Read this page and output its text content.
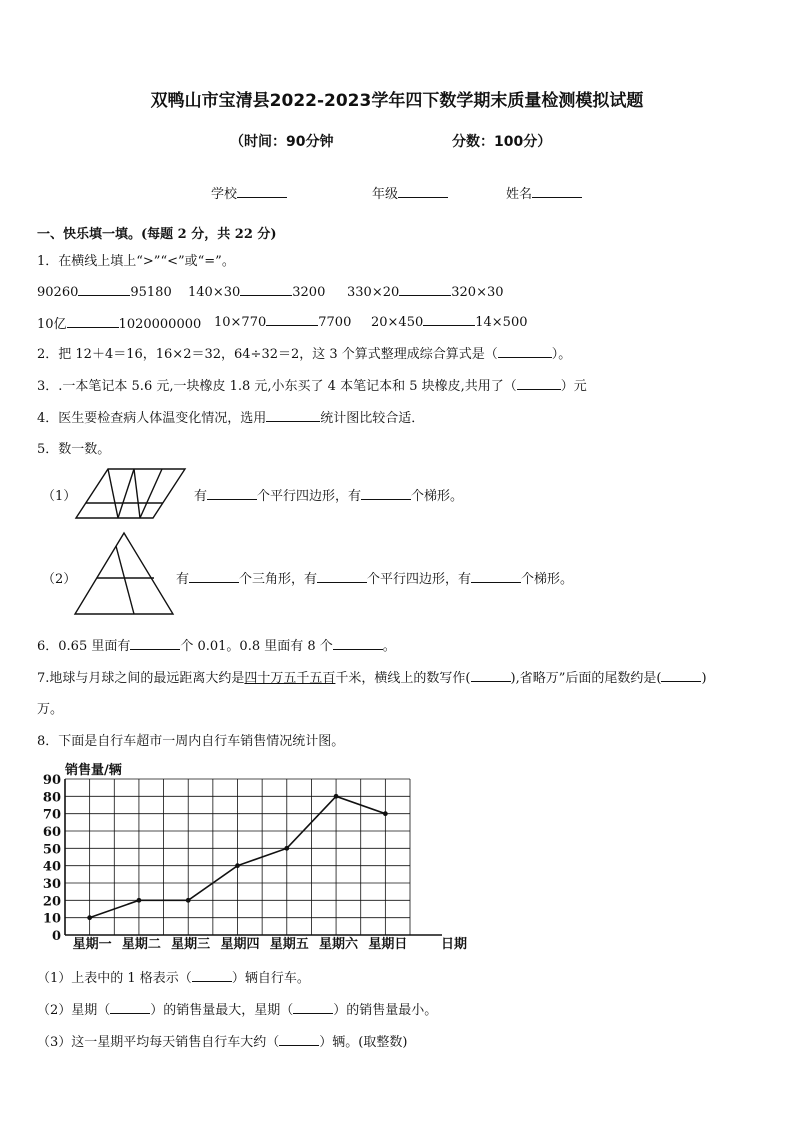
双鸭山市宝清县2022-2023学年四下数学期末质量检测模拟试题
（时间：90分钟	分数：100分）
学校	年级	姓名
一、快乐填一填。(每题 2 分，共 22 分)
1．在横线上填上“>”“<”或“=”。
90260	95180 140×30	3200 330×20	320×30
10亿	1020000000 10×770	7700 20×450	14×500
2．把 12＋4＝16，16×2＝32，64÷32＝2，这 3 个算式整理成综合算式是（	）。
3．.一本笔记本 5.6 元,一块橡皮 1.8 元,小东买了 4 本笔记本和 5 块橡皮,共用了（	）元
4．医生要检查病人体温变化情况，选用	统计图比较合适．
5．数一数。
（1）	有	个平行四边形，有	个梯形。
（2）	有	个三角形，有	个平行四边形，有	个梯形。
6．0.65 里面有	个 0.01。0.8 里面有 8 个	。
7.地球与月球之间的最远距离大约是四十万五千五百千米，横线上的数写作(	),省略万”后面的尾数约是(	)
万。
8．下面是自行车超市一周内自行车销售情况统计图。
0
10
20
30
40
50
60
70
80
90
星期一 星期二 星期三 星期四 星期五 星期六 星期日
销售量/辆
日期
（1）上表中的 1 格表示（	）辆自行车。
（2）星期（	）的销售量最大，星期（	）的销售量最小。
（3）这一星期平均每天销售自行车大约（	）辆。(取整数)
